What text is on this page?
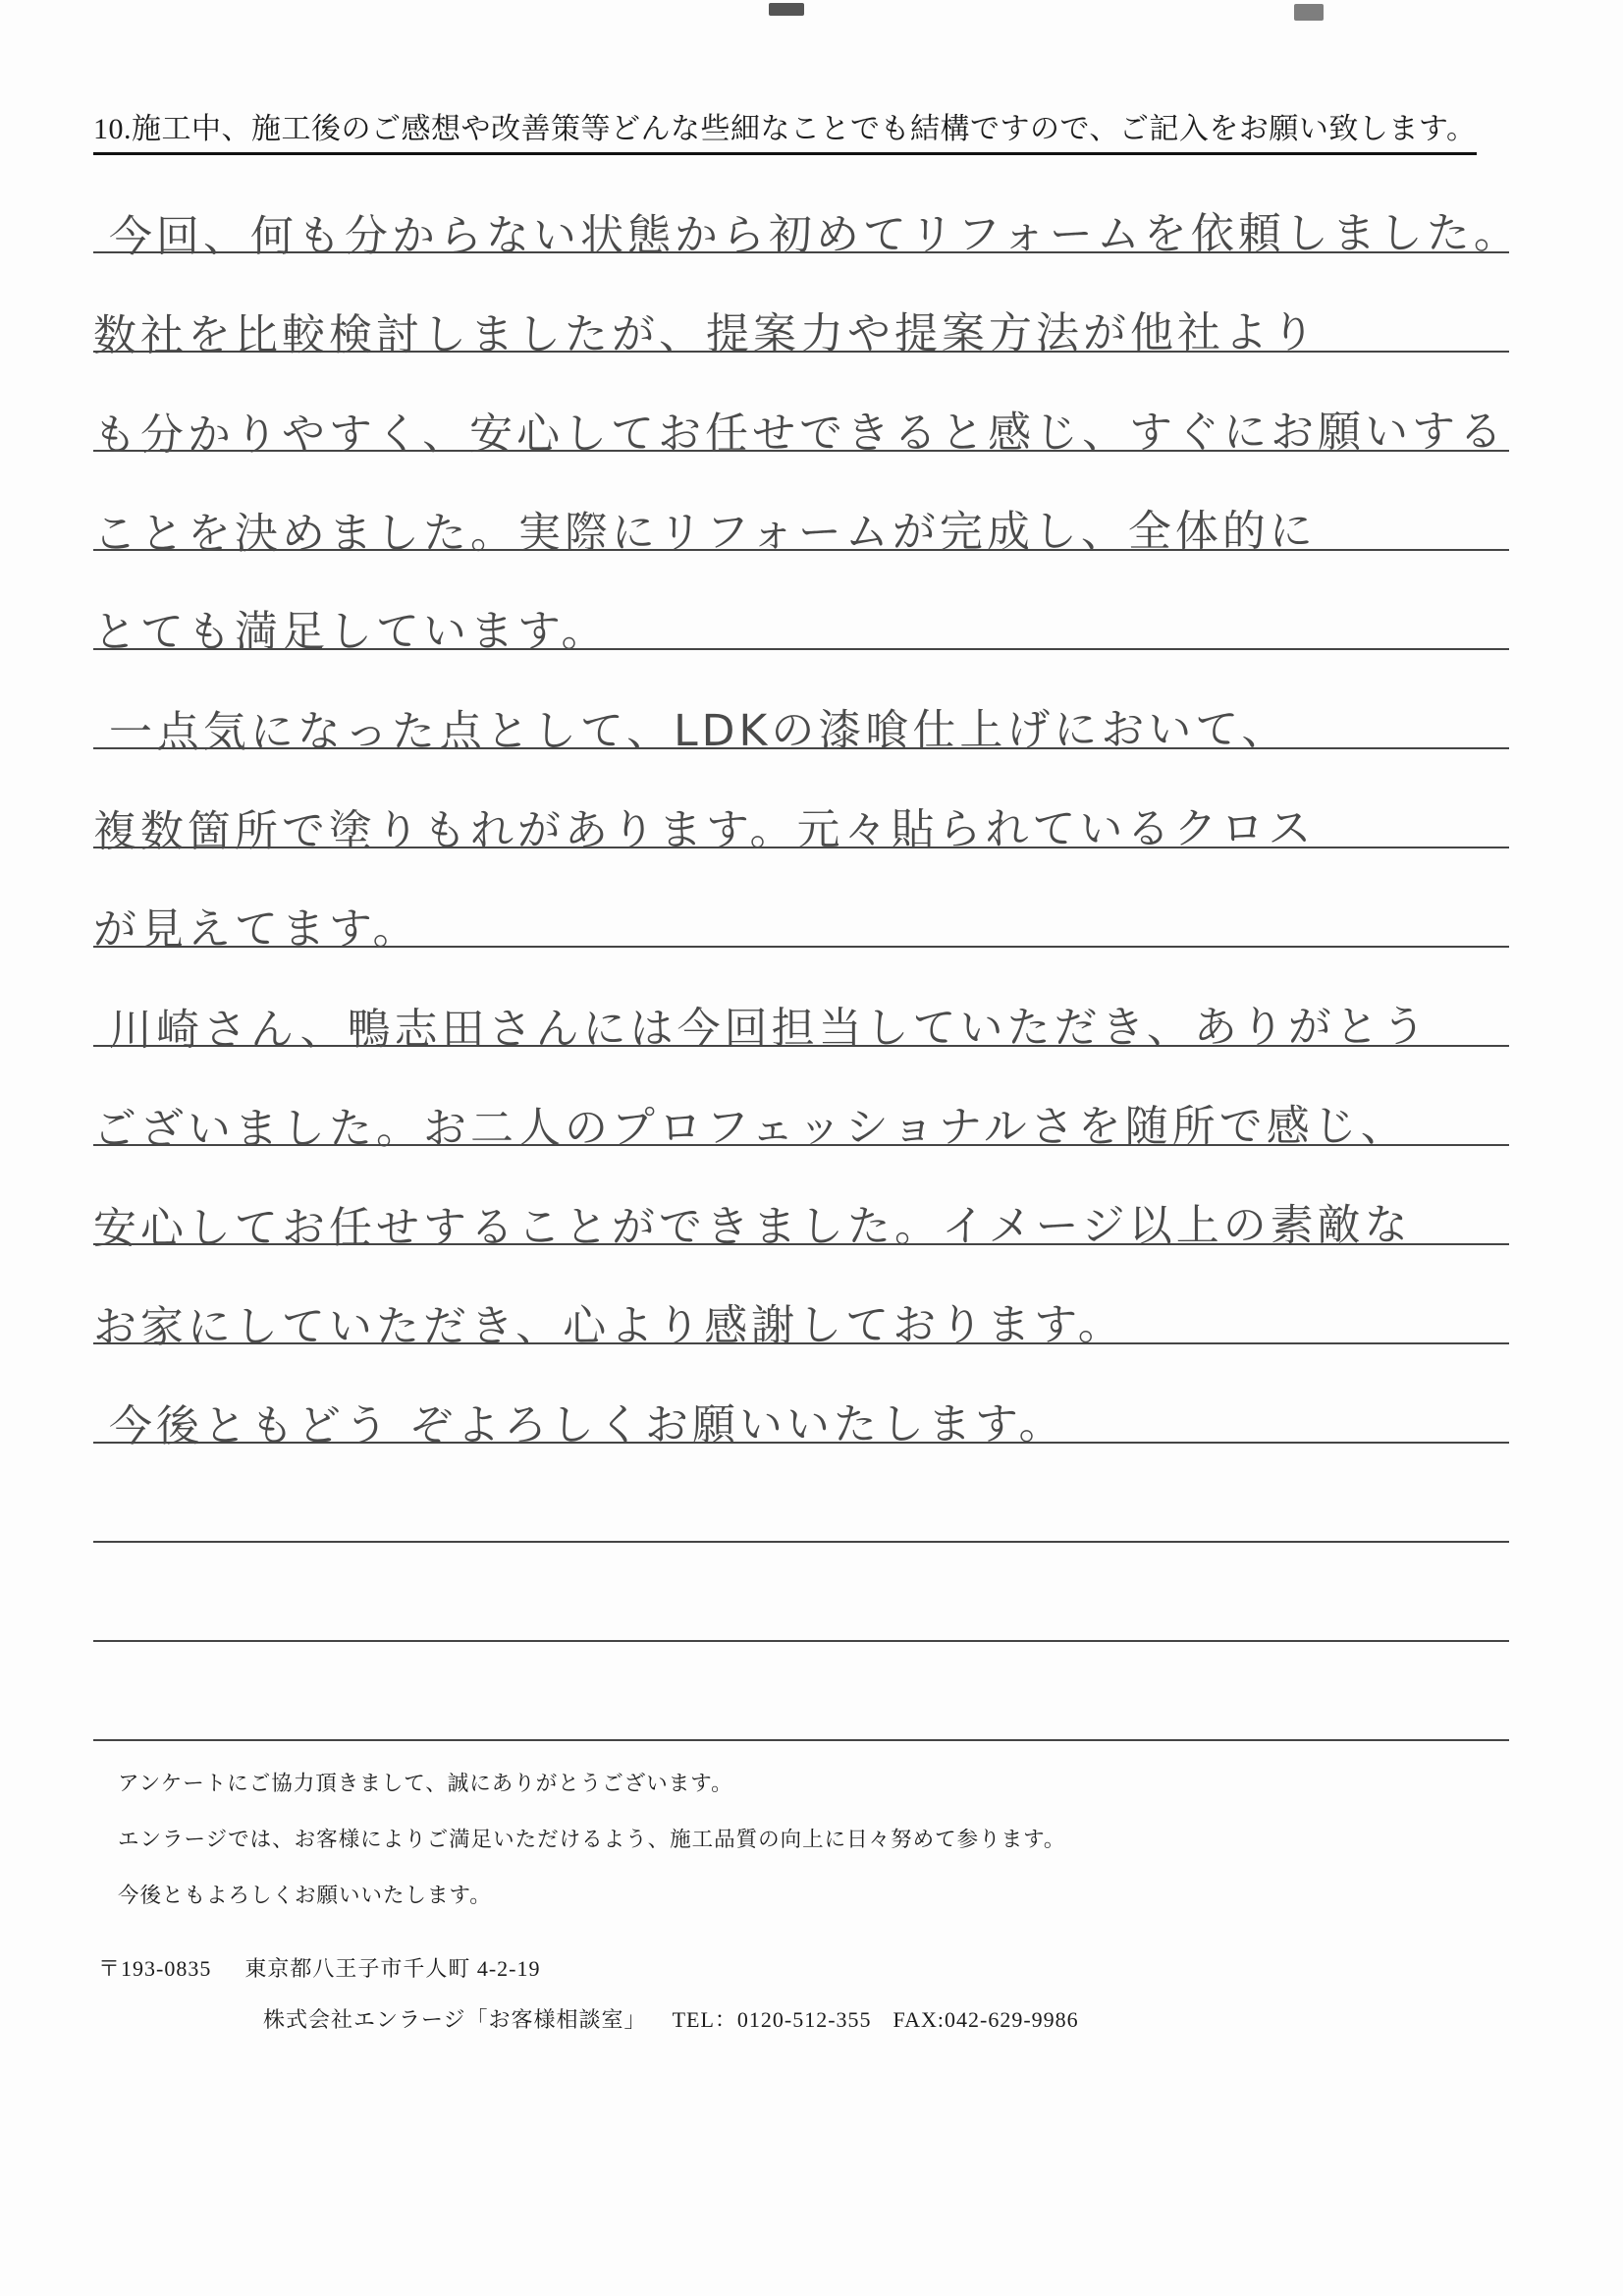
10.施工中、施工後のご感想や改善策等どんな些細なことでも結構ですので、ご記入をお願い致します。
今回、何も分からない状態から初めてリフォームを依頼しました。
数社を比較検討しましたが、提案力や提案方法が他社より
も分かりやすく、安心してお任せできると感じ、すぐにお願いする
ことを決めました。実際にリフォームが完成し、全体的に
とても満足しています。
一点気になった点として、LDKの漆喰仕上げにおいて、
複数箇所で塗りもれがあります。元々貼られているクロス
が見えてます。
川崎さん、鴨志田さんには今回担当していただき、ありがとう
ございました。お二人のプロフェッショナルさを随所で感じ、
安心してお任せすることができました。イメージ以上の素敵な
お家にしていただき、心より感謝しております。
今後ともどう ぞよろしくお願いいたします。
アンケートにご協力頂きまして、誠にありがとうございます。
エンラージでは、お客様によりご満足いただけるよう、施工品質の向上に日々努めて参ります。
今後ともよろしくお願いいたします。
〒193-0835 東京都八王子市千人町 4-2-19
株式会社エンラージ「お客様相談室」 TEL：0120-512-355 FAX:042-629-9986
